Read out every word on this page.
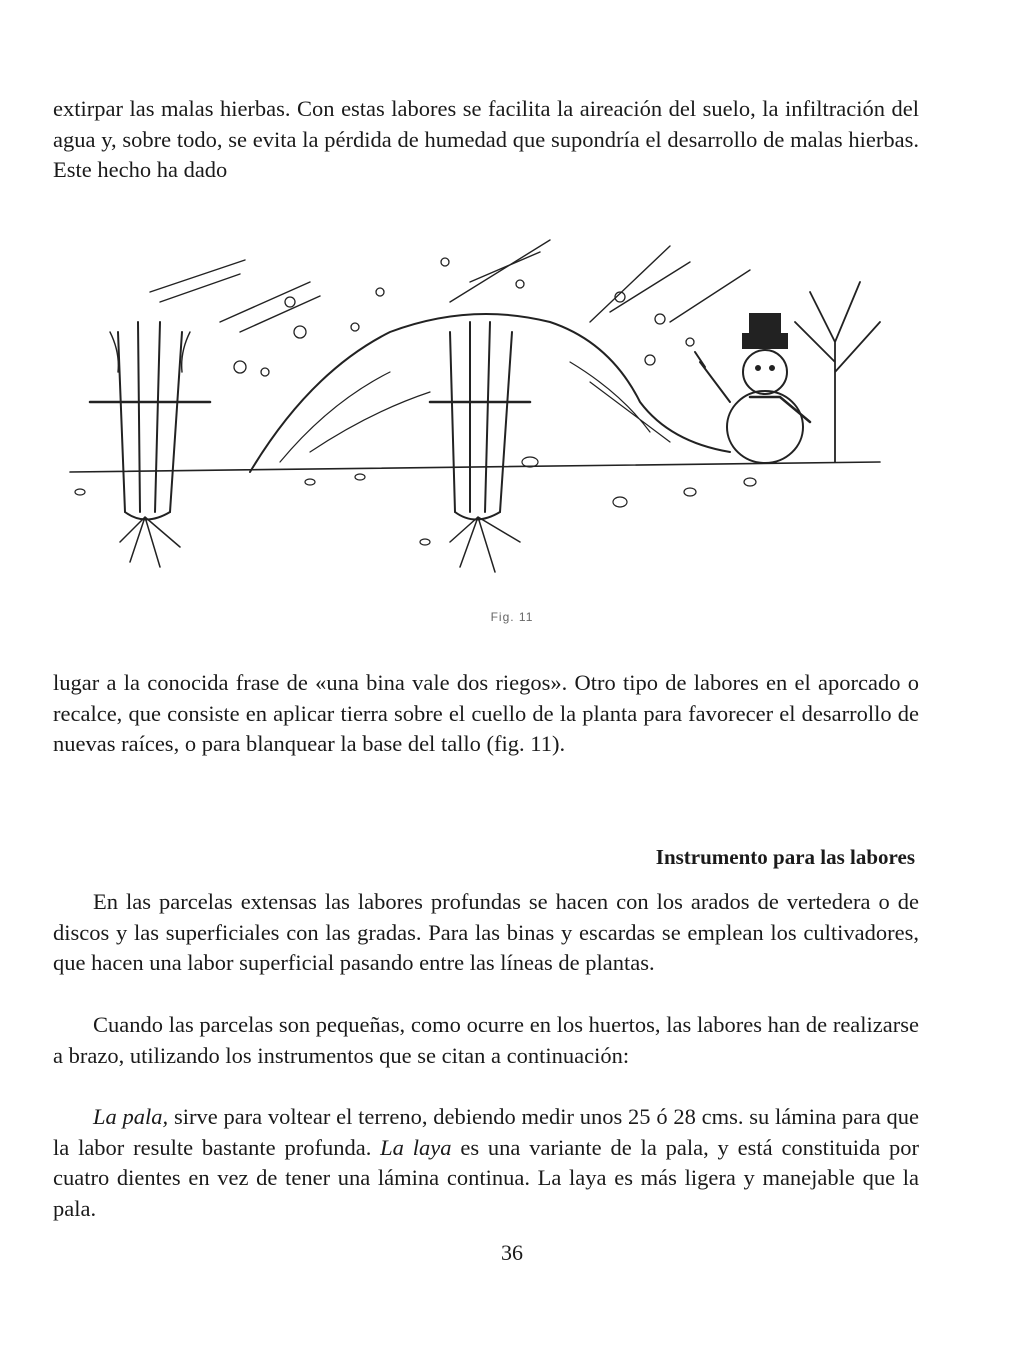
extirpar las malas hierbas. Con estas labores se facilita la aireación del suelo, la infiltración del agua y, sobre todo, se evita la pérdida de humedad que supondría el desarrollo de malas hierbas. Este hecho ha dado

Fig. 11

lugar a la conocida frase de «una bina vale dos riegos». Otro tipo de labores en el aporcado o recalce, que consiste en aplicar tierra sobre el cuello de la planta para favorecer el desarrollo de nuevas raíces, o para blanquear la base del tallo (fig. 11).

Instrumento para las labores

En las parcelas extensas las labores profundas se hacen con los arados de vertedera o de discos y las superficiales con las gradas. Para las binas y escardas se emplean los cultivadores, que hacen una labor superficial pasando entre las líneas de plantas.

Cuando las parcelas son pequeñas, como ocurre en los huertos, las labores han de realizarse a brazo, utilizando los instrumentos que se citan a continuación:

La pala, sirve para voltear el terreno, debiendo medir unos 25 ó 28 cms. su lámina para que la labor resulte bastante profunda. La laya es una variante de la pala, y está constituida por cuatro dientes en vez de tener una lámina continua. La laya es más ligera y manejable que la pala.

36
